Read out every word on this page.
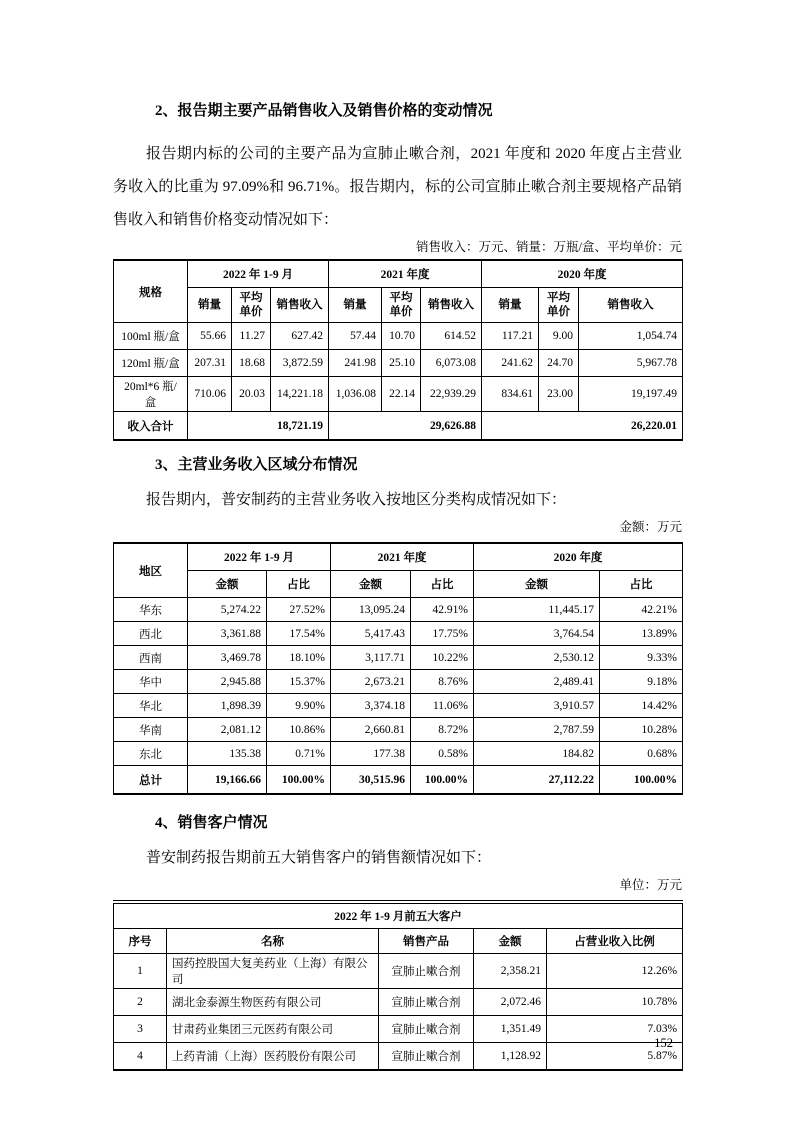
2、报告期主要产品销售收入及销售价格的变动情况
报告期内标的公司的主要产品为宣肺止嗽合剂，2021 年度和 2020 年度占主营业务收入的比重为 97.09%和 96.71%。报告期内，标的公司宣肺止嗽合剂主要规格产品销售收入和销售价格变动情况如下：
销售收入：万元、销量：万瓶/盒、平均单价：元
规格	2022 年 1-9 月			2021 年度			2020 年度		
	销量	平均单价	销售收入	销量	平均单价	销售收入	销量	平均单价	销售收入
100ml 瓶/盒	55.66	11.27	627.42	57.44	10.70	614.52	117.21	9.00	1,054.74
120ml 瓶/盒	207.31	18.68	3,872.59	241.98	25.10	6,073.08	241.62	24.70	5,967.78
20ml*6 瓶/盒	710.06	20.03	14,221.18	1,036.08	22.14	22,939.29	834.61	23.00	19,197.49
收入合计	18,721.19			29,626.88			26,220.01		
3、主营业务收入区域分布情况
报告期内，普安制药的主营业务收入按地区分类构成情况如下：
金额：万元
地区	2022 年 1-9 月		2021 年度		2020 年度	
	金额	占比	金额	占比	金额	占比
华东	5,274.22	27.52%	13,095.24	42.91%	11,445.17	42.21%
西北	3,361.88	17.54%	5,417.43	17.75%	3,764.54	13.89%
西南	3,469.78	18.10%	3,117.71	10.22%	2,530.12	9.33%
华中	2,945.88	15.37%	2,673.21	8.76%	2,489.41	9.18%
华北	1,898.39	9.90%	3,374.18	11.06%	3,910.57	14.42%
华南	2,081.12	10.86%	2,660.81	8.72%	2,787.59	10.28%
东北	135.38	0.71%	177.38	0.58%	184.82	0.68%
总计	19,166.66	100.00%	30,515.96	100.00%	27,112.22	100.00%
4、销售客户情况
普安制药报告期前五大销售客户的销售额情况如下：
单位：万元
2022 年 1-9 月前五大客户				
序号	名称	销售产品	金额	占营业收入比例
1	国药控股国大复美药业（上海）有限公司	宣肺止嗽合剂	2,358.21	12.26%
2	湖北金泰源生物医药有限公司	宣肺止嗽合剂	2,072.46	10.78%
3	甘肃药业集团三元医药有限公司	宣肺止嗽合剂	1,351.49	7.03%
4	上药青浦（上海）医药股份有限公司	宣肺止嗽合剂	1,128.92	5.87%
152
